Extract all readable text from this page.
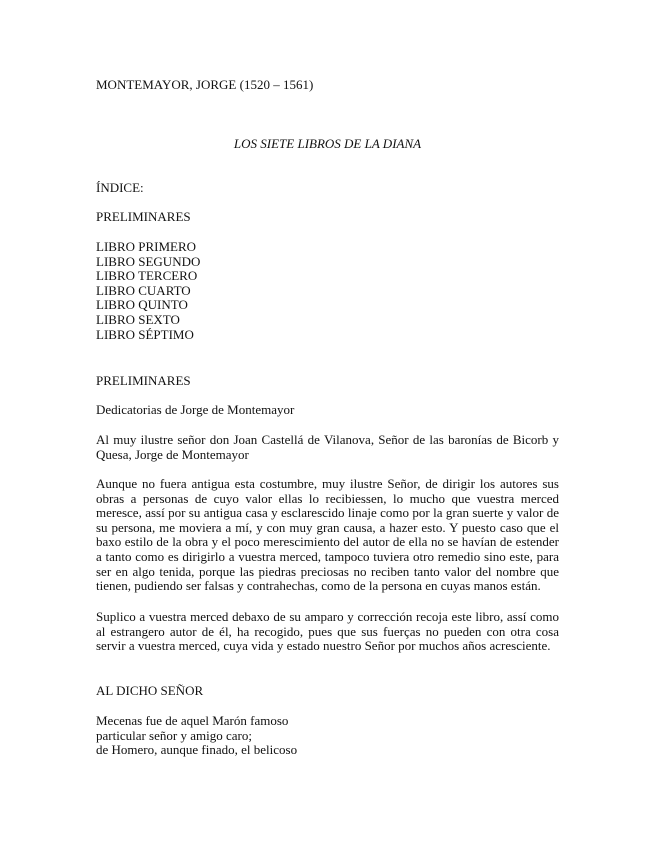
MONTEMAYOR, JORGE (1520 – 1561)

LOS SIETE LIBROS DE LA DIANA

ÍNDICE:

PRELIMINARES

LIBRO PRIMERO
LIBRO SEGUNDO
LIBRO TERCERO
LIBRO CUARTO
LIBRO QUINTO
LIBRO SEXTO
LIBRO SÉPTIMO

PRELIMINARES

Dedicatorias de Jorge de Montemayor

Al muy ilustre señor don Joan Castellá de Vilanova, Señor de las baronías de Bicorb y Quesa, Jorge de Montemayor

Aunque no fuera antigua esta costumbre, muy ilustre Señor, de dirigir los autores sus obras a personas de cuyo valor ellas lo recibiessen, lo mucho que vuestra merced meresce, assí por su antigua casa y esclarescido linaje como por la gran suerte y valor de su persona, me moviera a mí, y con muy gran causa, a hazer esto. Y puesto caso que el baxo estilo de la obra y el poco merescimiento del autor de ella no se havían de estender a tanto como es dirigirlo a vuestra merced, tampoco tuviera otro remedio sino este, para ser en algo tenida, porque las piedras preciosas no reciben tanto valor del nombre que tienen, pudiendo ser falsas y contrahechas, como de la persona en cuyas manos están.

Suplico a vuestra merced debaxo de su amparo y corrección recoja este libro, assí como al estrangero autor de él, ha recogido, pues que sus fuerças no pueden con otra cosa servir a vuestra merced, cuya vida y estado nuestro Señor por muchos años acresciente.

AL DICHO SEÑOR

Mecenas fue de aquel Marón famoso
particular señor y amigo caro;
de Homero, aunque finado, el belicoso
